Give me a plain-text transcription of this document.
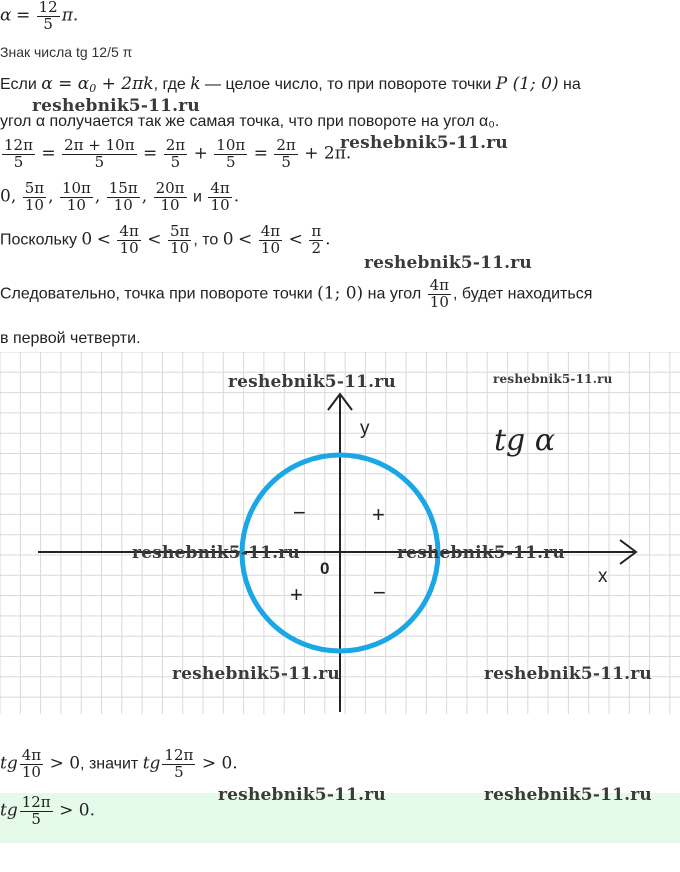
$\alpha = \frac{12}{5} \pi$.
Знак числа tg 12/5 π
Если $\alpha = \alpha_0 + 2\pi k$, где k — целое число, то при повороте точки P (1; 0) на
угол α получается так же самая точка, что при повороте на угол α₀.
$\frac{12\pi}{5} = \frac{2\pi + 10\pi}{5} = \frac{2\pi}{5} + \frac{10\pi}{5} = \frac{2\pi}{5} + 2\pi$.
0, $\frac{5\pi}{10}$ , $\frac{10\pi}{10}$ , $\frac{15\pi}{10}$ , $\frac{20\pi}{10}$ и $\frac{4\pi}{10}$ .
Поскольку $0 < \frac{4\pi}{10} < \frac{5\pi}{10}$ , то $0 < \frac{4\pi}{10} < \frac{\pi}{2}$ .
Следовательно, точка при повороте точки (1; 0) на угол $\frac{4\pi}{10}$ , будет находиться
в первой четверти.
y
x
0
tg α
+
−
+	−
tg $\frac{4\pi}{10} > 0$, значит tg $\frac{12\pi}{5} > 0$.
tg $\frac{12\pi}{5} > 0$.
reshebnik5-11.ru
reshebnik5-11.ru
reshebnik5-11.ru
reshebnik5-11.ru	reshebnik5-11.ru
reshebnik5-11.ru	reshebnik5-11.ru
reshebnik5-11.ru	reshebnik5-11.ru
reshebnik5-11.ru	reshebnik5-11.ru
